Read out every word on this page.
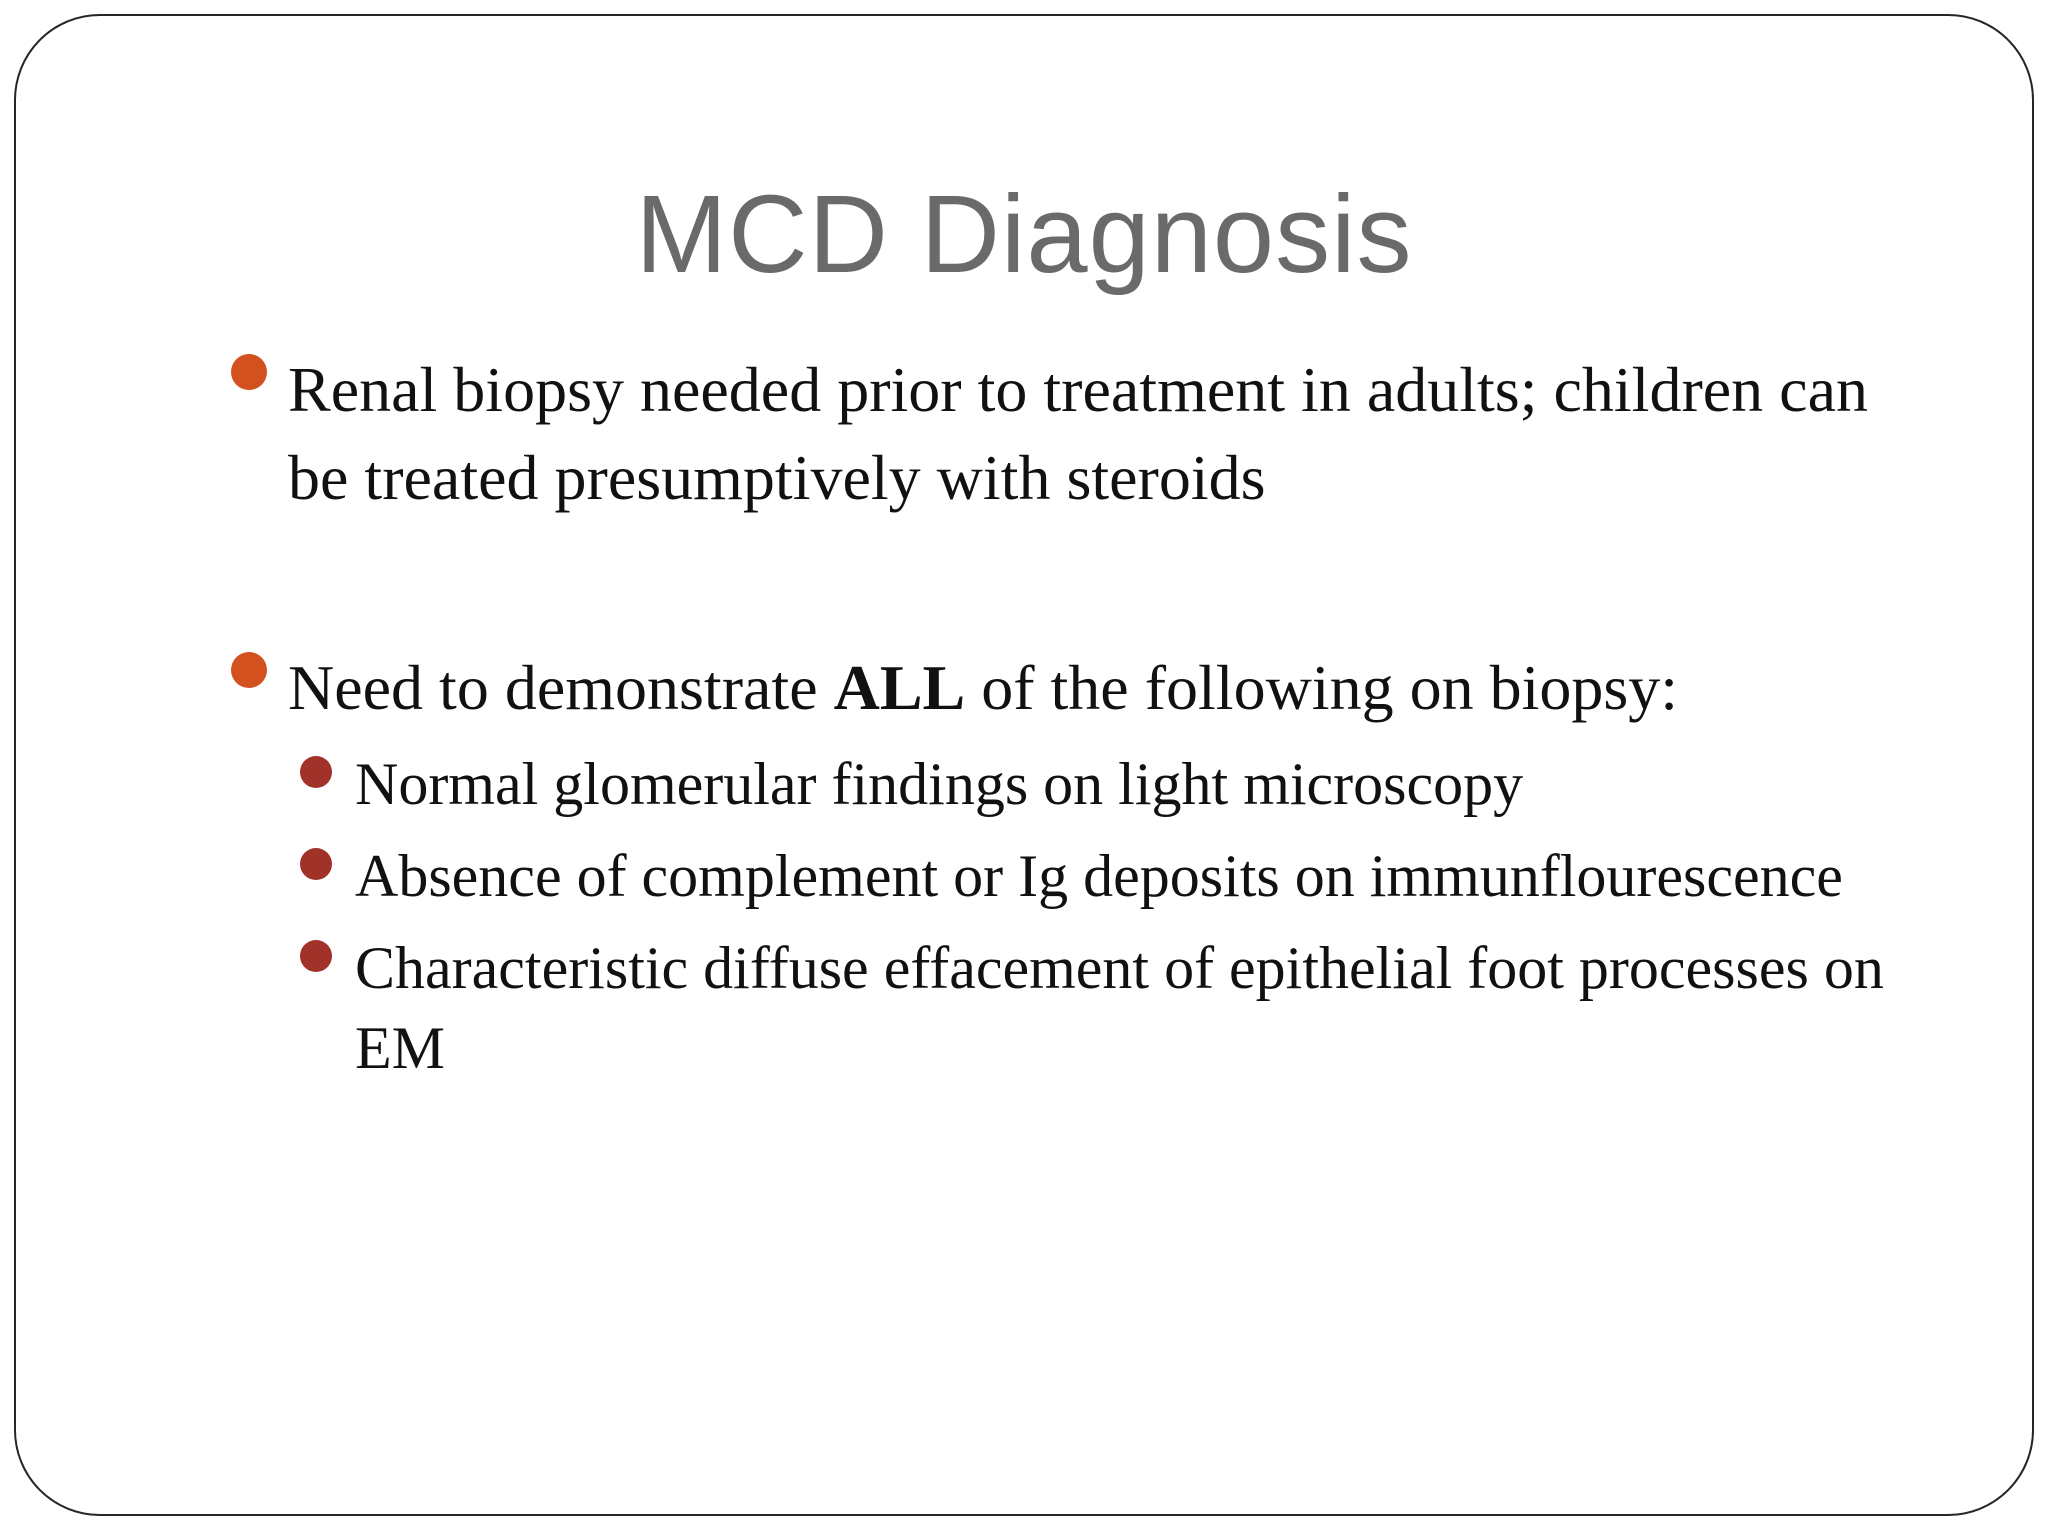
MCD Diagnosis
Renal biopsy needed prior to treatment in adults; children can be treated presumptively with steroids
Need to demonstrate ALL of the following on biopsy:
Normal glomerular findings on light microscopy
Absence of complement or Ig deposits on immunflourescence
Characteristic diffuse effacement of epithelial foot processes on EM
